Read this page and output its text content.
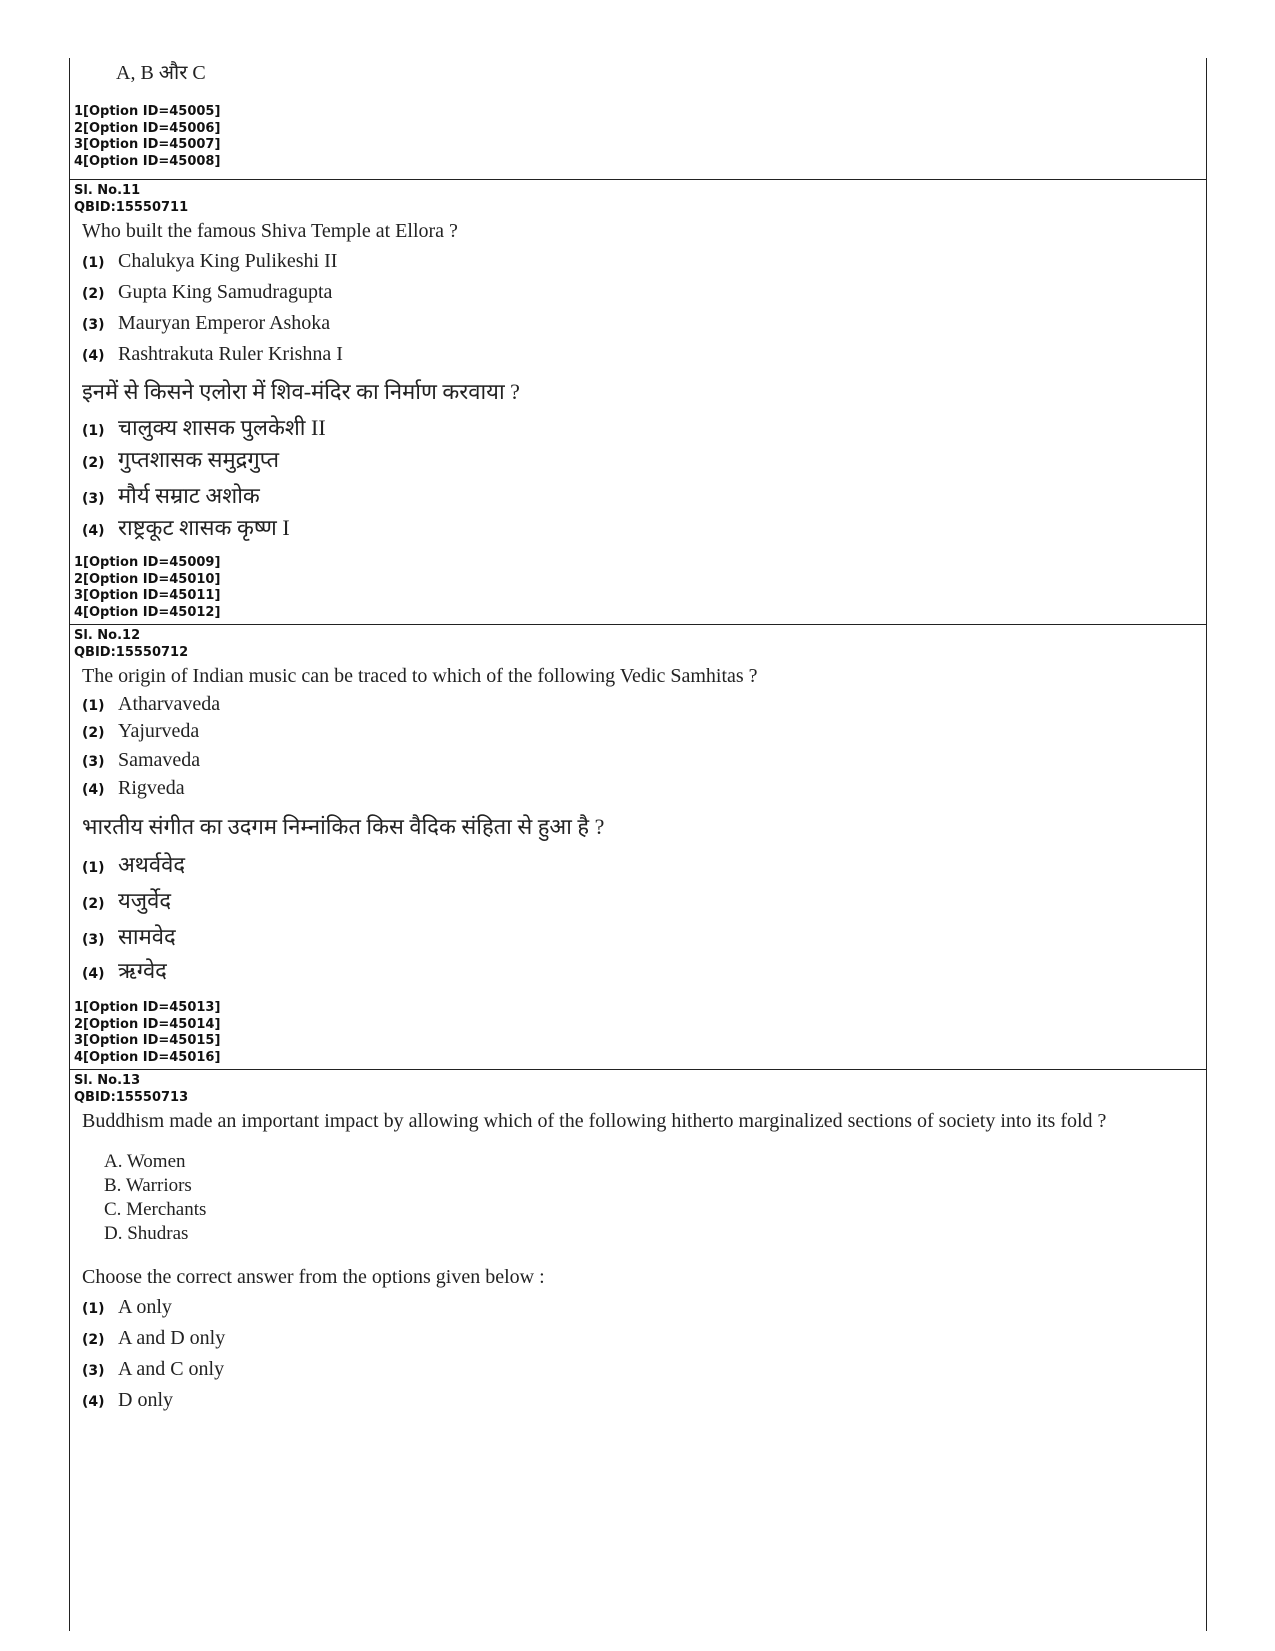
A, B और C
1[Option ID=45005]
2[Option ID=45006]
3[Option ID=45007]
4[Option ID=45008]
Sl. No.11
QBID:15550711
Who built the famous Shiva Temple at Ellora ?
(1) Chalukya King Pulikeshi II
(2) Gupta King Samudragupta
(3) Mauryan Emperor Ashoka
(4) Rashtrakuta Ruler Krishna I
इनमें से किसने एलोरा में शिव-मंदिर का निर्माण करवाया ?
(1) चालुक्य शासक पुलकेशी II
(2) गुप्तशासक समुद्रगुप्त
(3) मौर्य सम्राट अशोक
(4) राष्ट्रकूट शासक कृष्ण I
1[Option ID=45009]
2[Option ID=45010]
3[Option ID=45011]
4[Option ID=45012]
Sl. No.12
QBID:15550712
The origin of Indian music can be traced to which of the following Vedic Samhitas ?
(1) Atharvaveda
(2) Yajurveda
(3) Samaveda
(4) Rigveda
भारतीय संगीत का उदगम निम्नांकित किस वैदिक संहिता से हुआ है ?
(1) अथर्ववेद
(2) यजुर्वेद
(3) सामवेद
(4) ऋग्वेद
1[Option ID=45013]
2[Option ID=45014]
3[Option ID=45015]
4[Option ID=45016]
Sl. No.13
QBID:15550713
Buddhism made an important impact by allowing which of the following hitherto marginalized sections of society into its fold ?
A. Women
B. Warriors
C. Merchants
D. Shudras
Choose the correct answer from the options given below :
(1) A only
(2) A and D only
(3) A and C only
(4) D only
